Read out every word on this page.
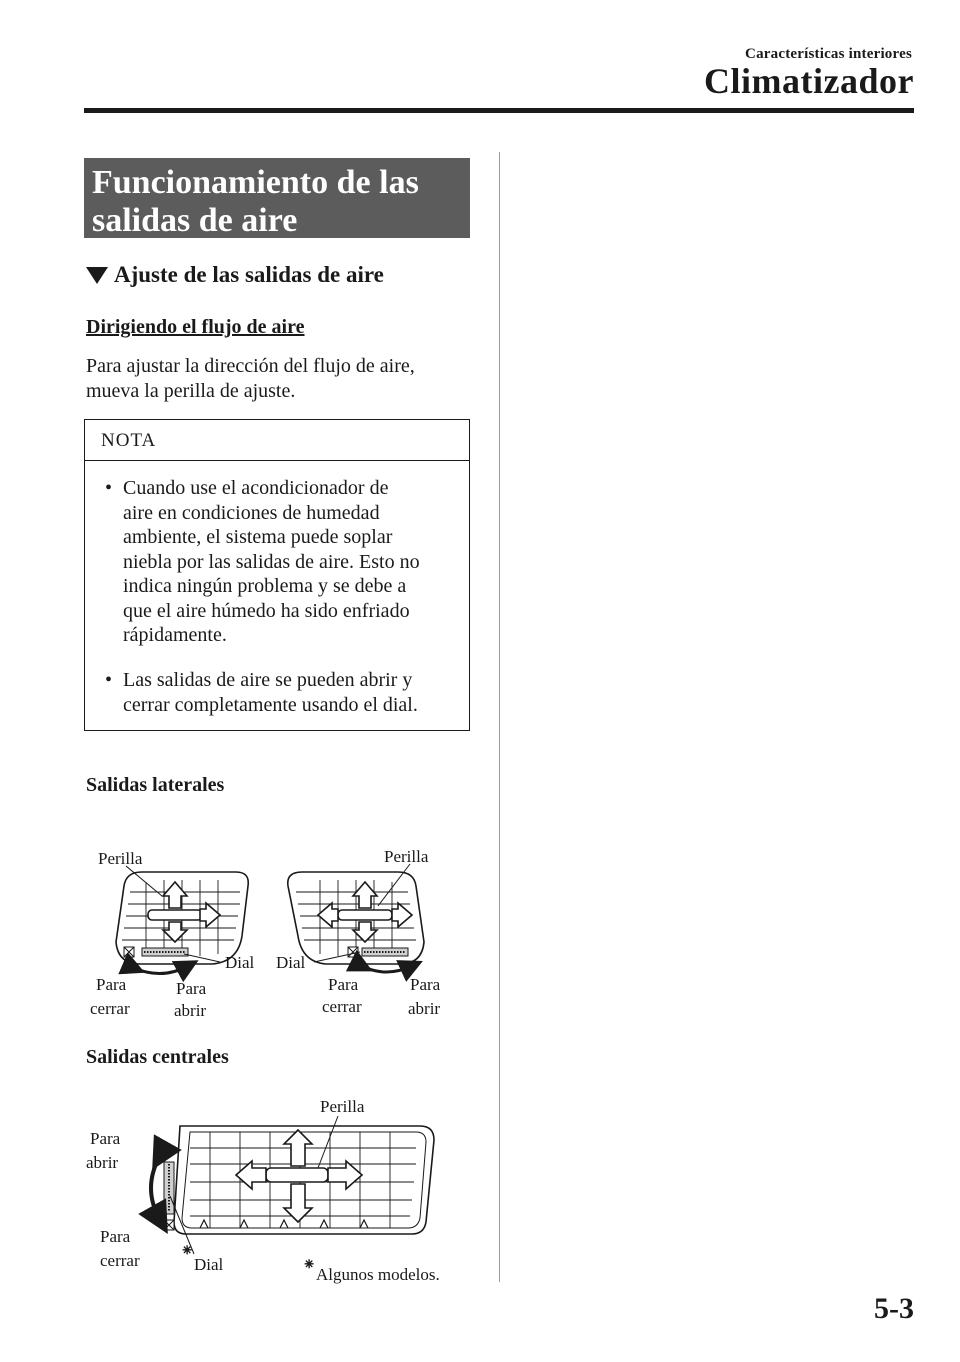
Características interiores
Climatizador
Funcionamiento de las
salidas de aire
Ajuste de las salidas de aire
Dirigiendo el flujo de aire
Para ajustar la dirección del flujo de aire,
mueva la perilla de ajuste.
NOTA
• Cuando use el acondicionador de
aire en condiciones de humedad
ambiente, el sistema puede soplar
niebla por las salidas de aire. Esto no
indica ningún problema y se debe a
que el aire húmedo ha sido enfriado
rápidamente.
• Las salidas de aire se pueden abrir y
cerrar completamente usando el dial.
Salidas laterales
Perilla
Dial
Para
cerrar
Para
abrir
Perilla
Dial
Para
cerrar
Para
abrir
Salidas centrales
Perilla
Para
abrir
Para
cerrar
⁕
Dial	⁕
Algunos modelos.
5-3
